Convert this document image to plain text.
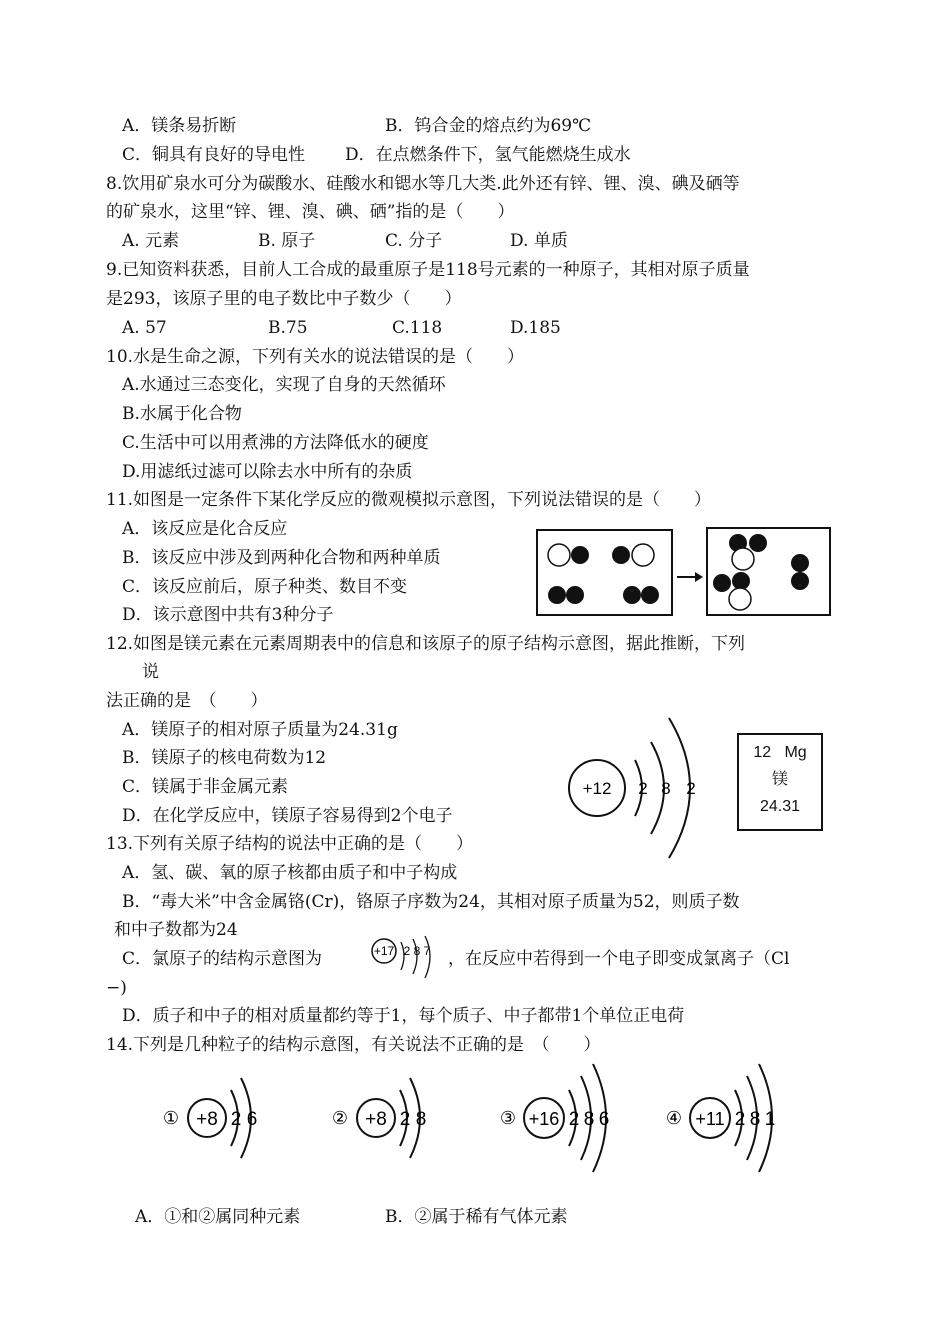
A．镁条易折断	B．钨合金的熔点约为69℃
C．铜具有良好的导电性 D．在点燃条件下，氢气能燃烧生成水
8.饮用矿泉水可分为碳酸水、硅酸水和锶水等几大类.此外还有锌、锂、溴、碘及硒等
的矿泉水，这里“锌、锂、溴、碘、硒”指的是（　　）
A. 元素	B. 原子	C. 分子	D. 单质
9.已知资料获悉，目前人工合成的最重原子是118号元素的一种原子，其相对原子质量
是293，该原子里的电子数比中子数少（　　）
A. 57	B.75	C.118	D.185
10.水是生命之源，下列有关水的说法错误的是（　　）
A.水通过三态变化，实现了自身的天然循环
B.水属于化合物
C.生活中可以用煮沸的方法降低水的硬度
D.用滤纸过滤可以除去水中所有的杂质
11.如图是一定条件下某化学反应的微观模拟示意图，下列说法错误的是（　　）
A．该反应是化合反应
B．该反应中涉及到两种化合物和两种单质
C．该反应前后，原子种类、数目不变
D．该示意图中共有3种分子
12.如图是镁元素在元素周期表中的信息和该原子的原子结构示意图，据此推断，下列
说
法正确的是　（　　）
A．镁原子的相对原子质量为24.31g
B．镁原子的核电荷数为12
C．镁属于非金属元素
D．在化学反应中，镁原子容易得到2个电子
+12 2 8 2
12 Mg
镁
24.31
13.下列有关原子结构的说法中正确的是（　　）
A．氢、碳、氧的原子核都由质子和中子构成
B．“毒大米”中含金属铬(Cr)，铬原子序数为24，其相对原子质量为52，则质子数
和中子数都为24
C．氯原子的结构示意图为	+17 2 8 7 ，在反应中若得到一个电子即变成氯离子（Cl
−)
D．质子和中子的相对质量都约等于1，每个质子、中子都带1个单位正电荷
14.下列是几种粒子的结构示意图，有关说法不正确的是　（　　）
① +8 2 6	② +8 2 8	③ +16 2 8 6	④ +11 2 8 1
A．①和②属同种元素	B．②属于稀有气体元素
